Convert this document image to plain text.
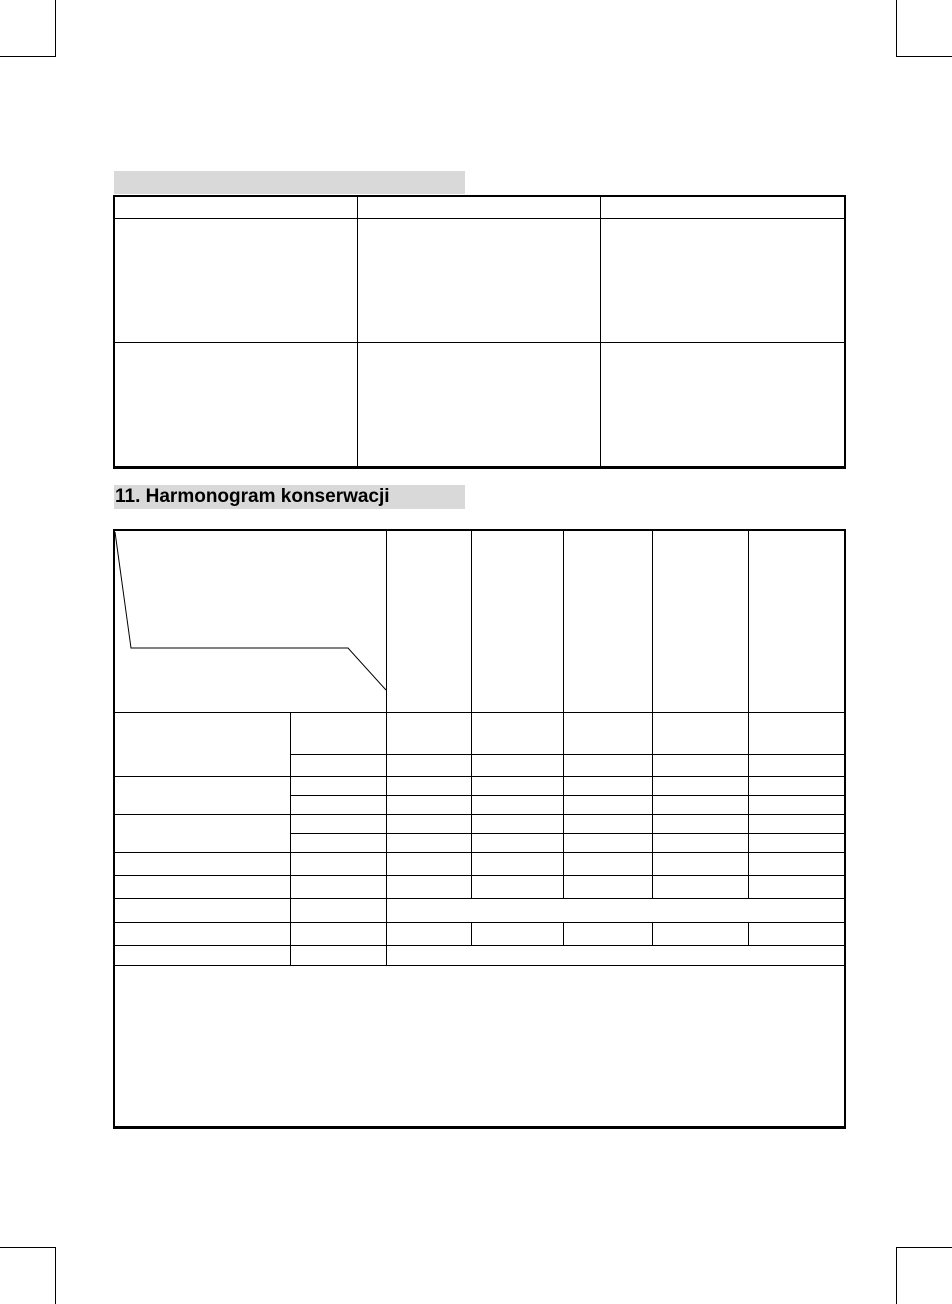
11. Harmonogram konserwacji
